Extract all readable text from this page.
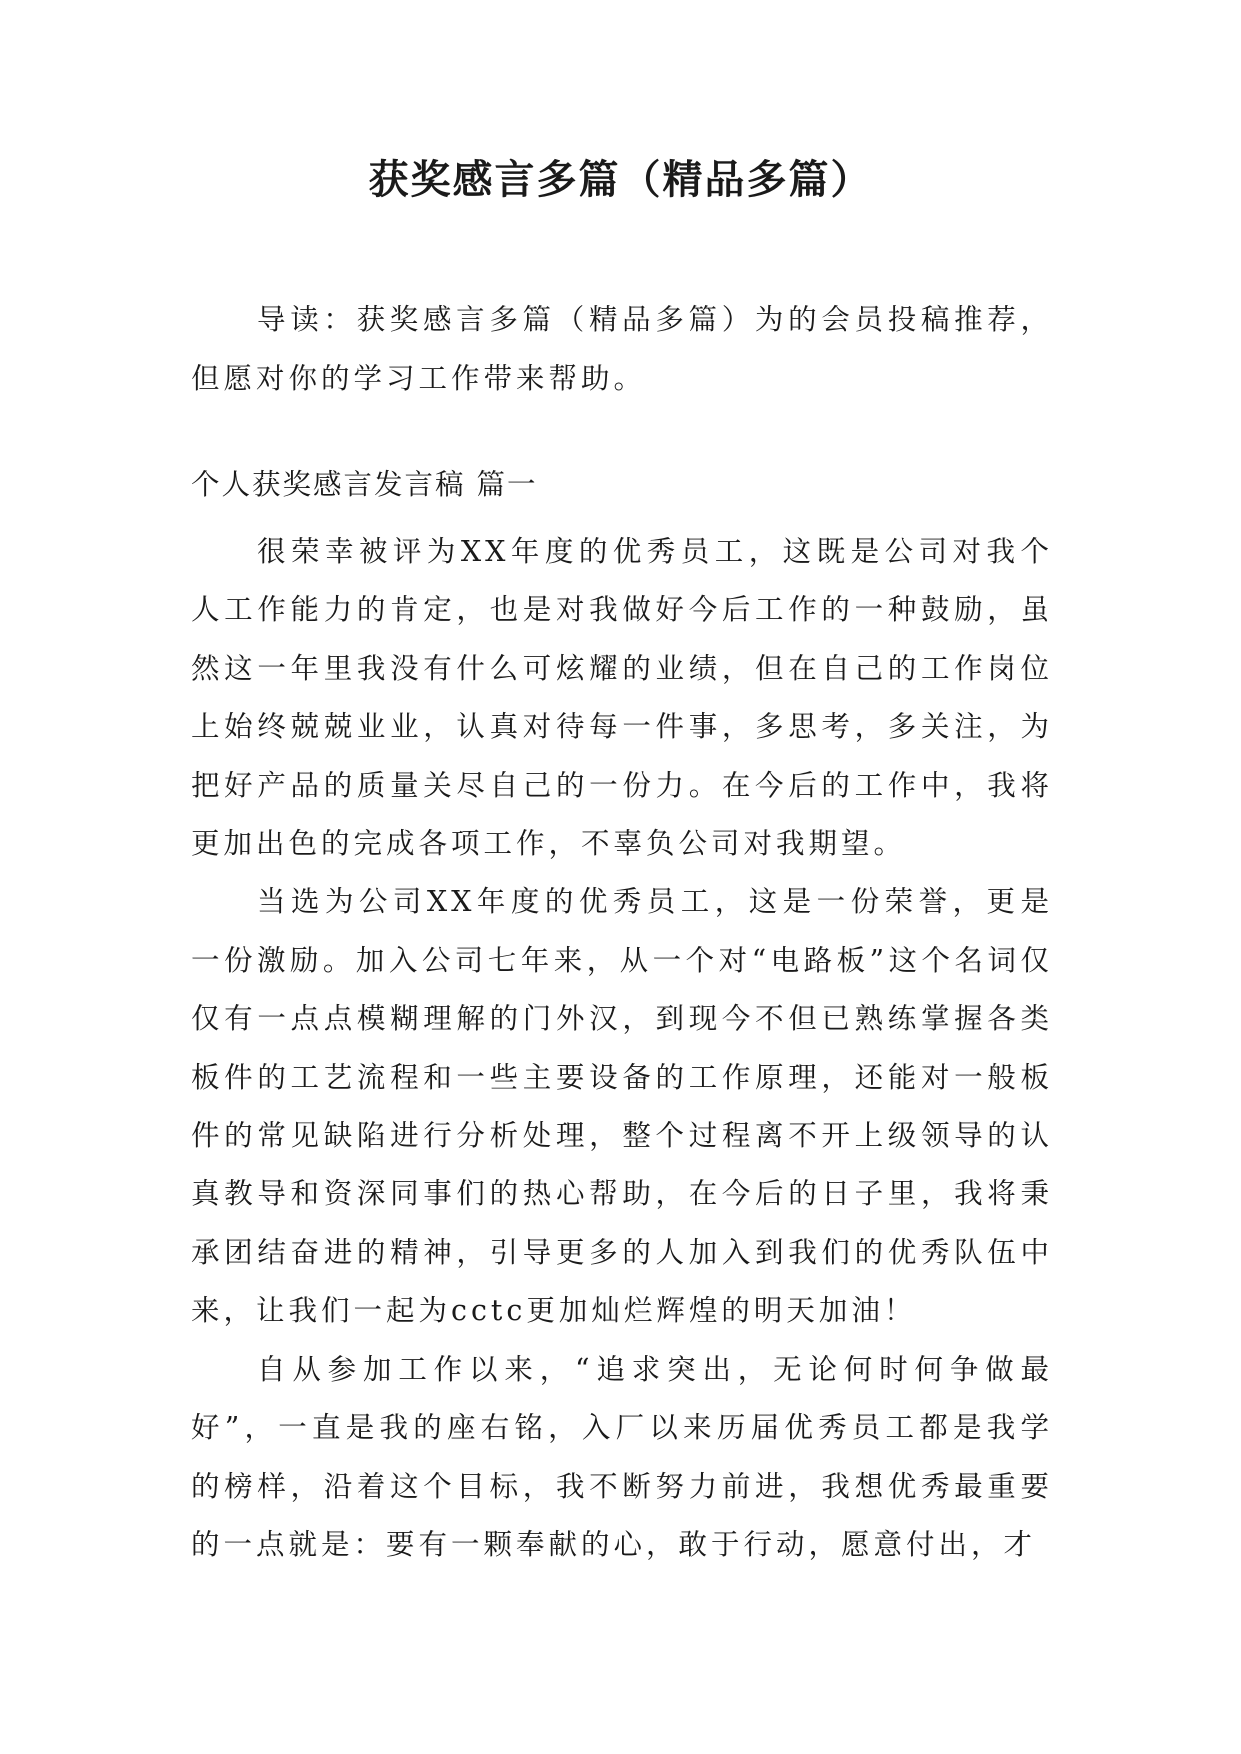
获奖感言多篇（精品多篇）

导读：获奖感言多篇（精品多篇）为的会员投稿推荐，但愿对你的学习工作带来帮助。

个人获奖感言发言稿 篇一

很荣幸被评为XX年度的优秀员工，这既是公司对我个人工作能力的肯定，也是对我做好今后工作的一种鼓励，虽然这一年里我没有什么可炫耀的业绩，但在自己的工作岗位上始终兢兢业业，认真对待每一件事，多思考，多关注，为把好产品的质量关尽自己的一份力。在今后的工作中，我将更加出色的完成各项工作，不辜负公司对我期望。

当选为公司XX年度的优秀员工，这是一份荣誉，更是一份激励。加入公司七年来，从一个对“电路板”这个名词仅仅有一点点模糊理解的门外汉，到现今不但已熟练掌握各类板件的工艺流程和一些主要设备的工作原理，还能对一般板件的常见缺陷进行分析处理，整个过程离不开上级领导的认真教导和资深同事们的热心帮助，在今后的日子里，我将秉承团结奋进的精神，引导更多的人加入到我们的优秀队伍中来，让我们一起为cctc更加灿烂辉煌的明天加油！

自从参加工作以来，“追求突出，无论何时何争做最好”，一直是我的座右铭，入厂以来历届优秀员工都是我学的榜样，沿着这个目标，我不断努力前进，我想优秀最重要的一点就是：要有一颗奉献的心，敢于行动，愿意付出，才
